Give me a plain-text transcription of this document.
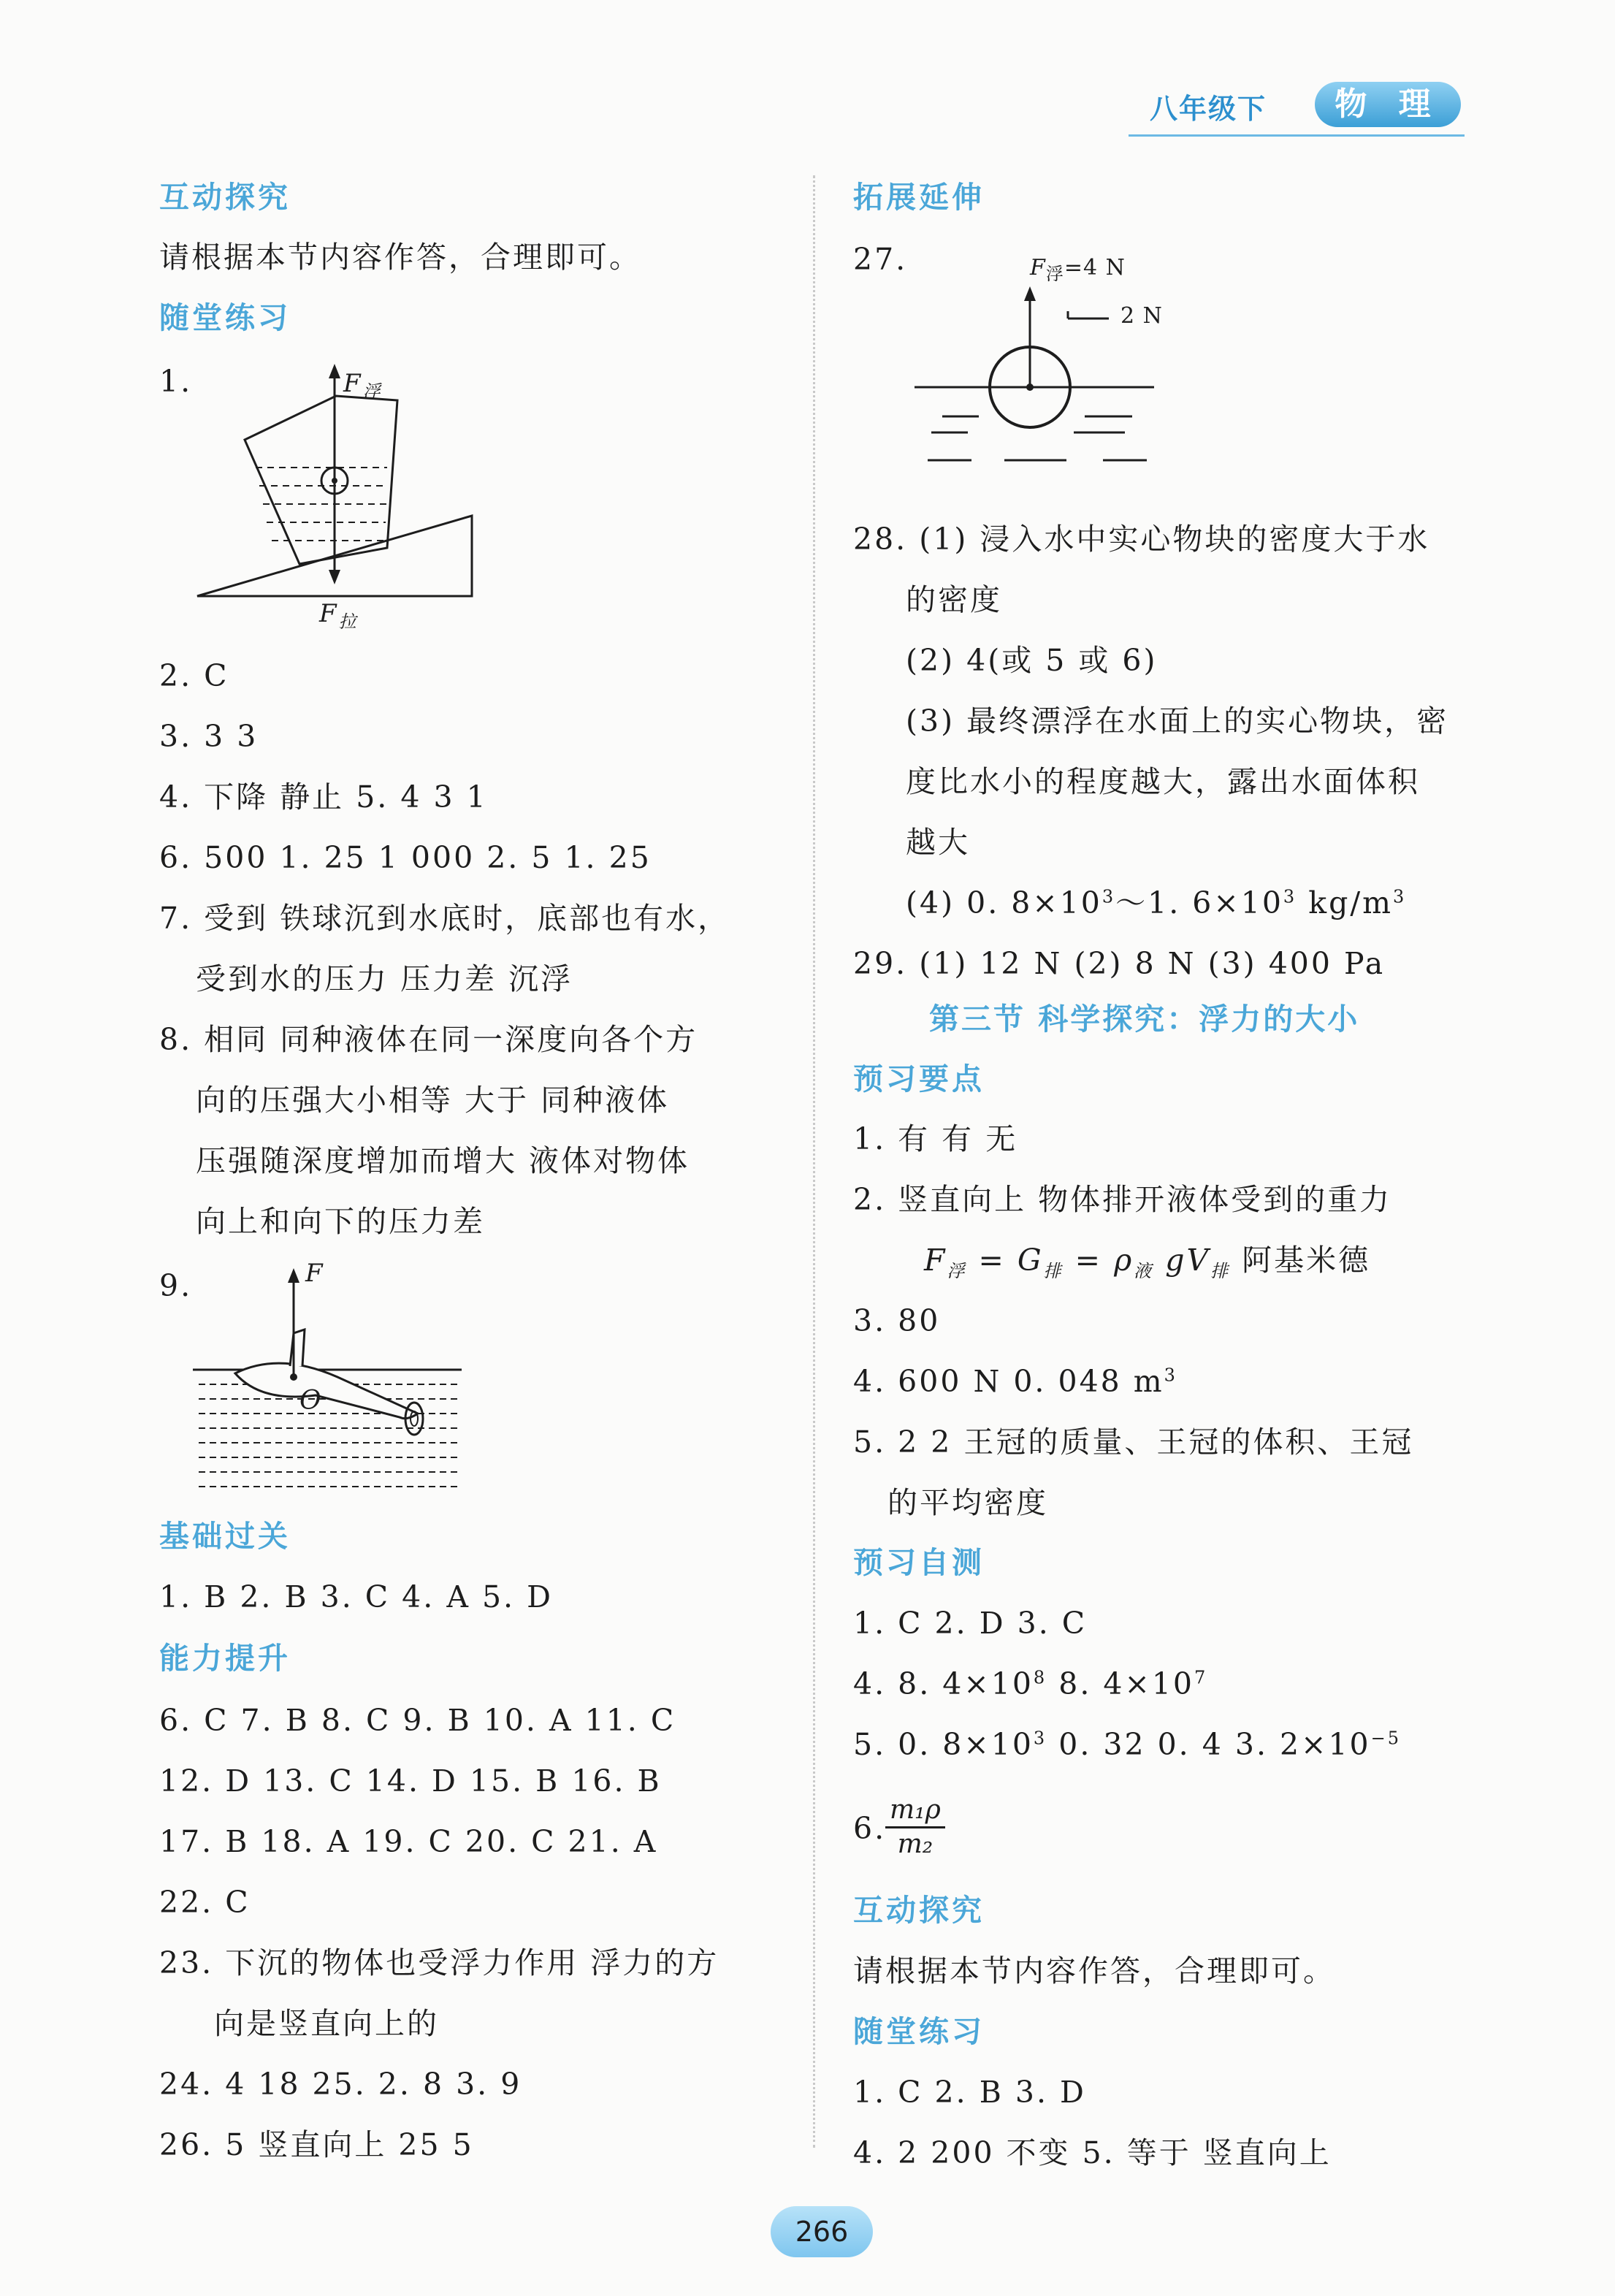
八年级下	物 理
互动探究
请根据本节内容作答，合理即可。
随堂练习
1.	$F_浮$
$F_拉$
2. C
3. 3 3
4. 下降 静止 5. 4 3 1
6. 500 1. 25 1 000 2. 5 1. 25
7. 受到 铁球沉到水底时，底部也有水，
受到水的压力 压力差 沉浮
8. 相同 同种液体在同一深度向各个方
向的压强大小相等 大于 同种液体
压强随深度增加而增大 液体对物体
向上和向下的压力差
9.	F
O
基础过关
1. B 2. B 3. C 4. A 5. D
能力提升
6. C 7. B 8. C 9. B 10. A 11. C
12. D 13. C 14. D 15. B 16. B
17. B 18. A 19. C 20. C 21. A
22. C
23. 下沉的物体也受浮力作用 浮力的方
向是竖直向上的
24. 4 18 25. 2. 8 3. 9
26. 5 竖直向上 25 5
拓展延伸
27.	$F_浮=4$ N
2 N
28. (1) 浸入水中实心物块的密度大于水
的密度
(2) 4(或 5 或 6)
(3) 最终漂浮在水面上的实心物块，密
度比水小的程度越大，露出水面体积
越大
(4) 0. $8\times 10^3\sim 1$. $6\times 10^3$ $kg/m^3$
29. (1) 12 N (2) 8 N (3) 400 Pa
第三节 科学探究：浮力的大小
预习要点
1. 有 有 无
2. 竖直向上 物体排开液体受到的重力
$F_浮 = G_排 = \rho_液$ $gV_排$ 阿基米德
3. 80
4. 600 N 0. 048 $m^3$
5. 2 2 王冠的质量、王冠的体积、王冠
的平均密度
预习自测
1. C 2. D 3. C
4. 8. $4\times 10^8$ 8. $4\times 10^7$
5. 0. $8\times 10^3$ 0. 32 0. 4 3. $2\times 10^{-5}$
6.
$\frac{\text{m₁ρ}}{\text{m₂}}$
互动探究
请根据本节内容作答，合理即可。
随堂练习
1. C 2. B 3. D
4. 2 200 不变 5. 等于 竖直向上
266
